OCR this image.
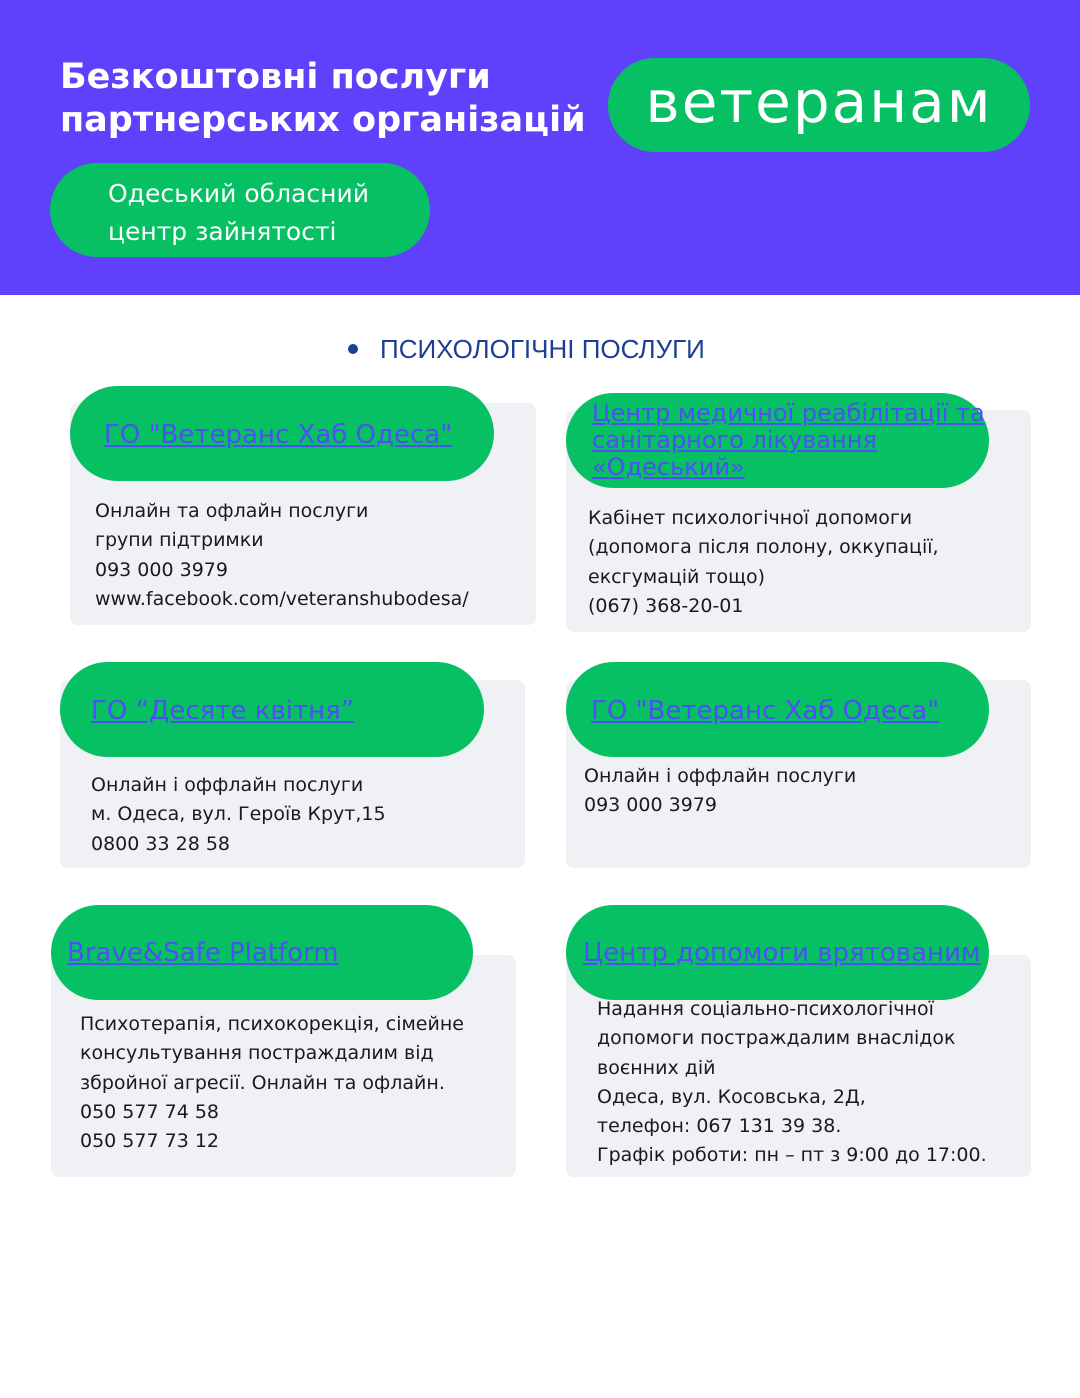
Безкоштовні послуги
партнерських організацій ветеранам
Одеський обласний
центр зайнятості
ПСИХОЛОГІЧНІ ПОСЛУГИ
ГО "Ветеранс Хаб Одеса"
Онлайн та офлайн послуги
групи підтримки
093 000 3979
www.facebook.com/veteranshubodesa/
Центр медичної реабілітації та
санітарного лікування
«Одеський»
Кабінет психологічної допомоги
(допомога після полону, оккупації,
ексгумацій тощо)
(067) 368-20-01
ГО “Десяте квітня”
Онлайн і оффлайн послуги
м. Одеса, вул. Героїв Крут,15
0800 33 28 58
ГО "Ветеранс Хаб Одеса"
Онлайн і оффлайн послуги
093 000 3979
Brave&Safe Platform
Психотерапія, психокорекція, сімейне
консультування постраждалим від
збройної агресії. Онлайн та офлайн.
050 577 74 58
050 577 73 12
Центр допомоги врятованим
Надання соціально-психологічної
допомоги постраждалим внаслідок
воєнних дій
Одеса, вул. Косовська, 2Д,
телефон: 067 131 39 38.
Графік роботи: пн – пт з 9:00 до 17:00.
